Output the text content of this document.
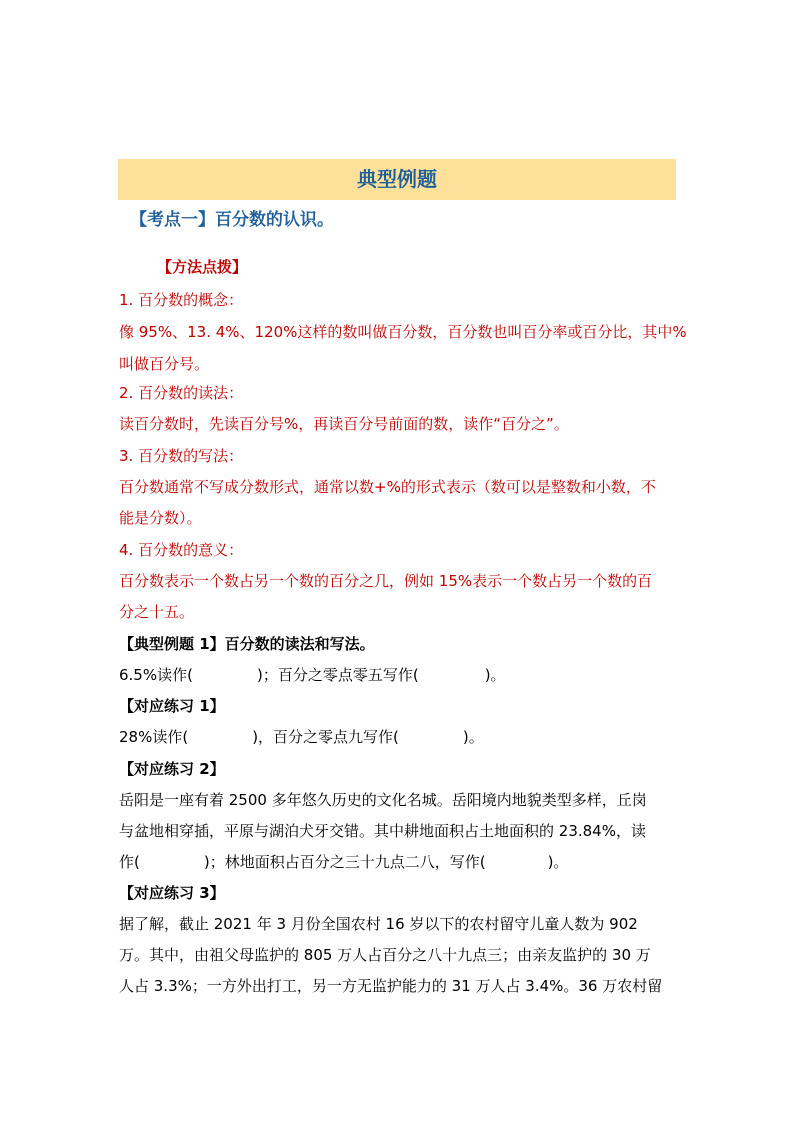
典型例题
【考点一】百分数的认识。
【方法点拨】
1. 百分数的概念：
像 95%、13. 4%、120%这样的数叫做百分数，百分数也叫百分率或百分比，其中%
叫做百分号。
2. 百分数的读法：
读百分数时，先读百分号%，再读百分号前面的数，读作“百分之”。
3. 百分数的写法：
百分数通常不写成分数形式，通常以数+%的形式表示（数可以是整数和小数，不
能是分数）。
4. 百分数的意义：
百分数表示一个数占另一个数的百分之几，例如 15%表示一个数占另一个数的百
分之十五。
【典型例题 1】百分数的读法和写法。
6.5%读作(	)；百分之零点零五写作(	)。
【对应练习 1】
28%读作(	)，百分之零点九写作(	)。
【对应练习 2】
岳阳是一座有着 2500 多年悠久历史的文化名城。岳阳境内地貌类型多样，丘岗
与盆地相穿插，平原与湖泊犬牙交错。其中耕地面积占土地面积的 23.84%，读
作(	)；林地面积占百分之三十九点二八，写作(	)。
【对应练习 3】
据了解，截止 2021 年 3 月份全国农村 16 岁以下的农村留守儿童人数为 902
万。其中，由祖父母监护的 805 万人占百分之八十九点三；由亲友监护的 30 万
人占 3.3%；一方外出打工，另一方无监护能力的 31 万人占 3.4%。36 万农村留
